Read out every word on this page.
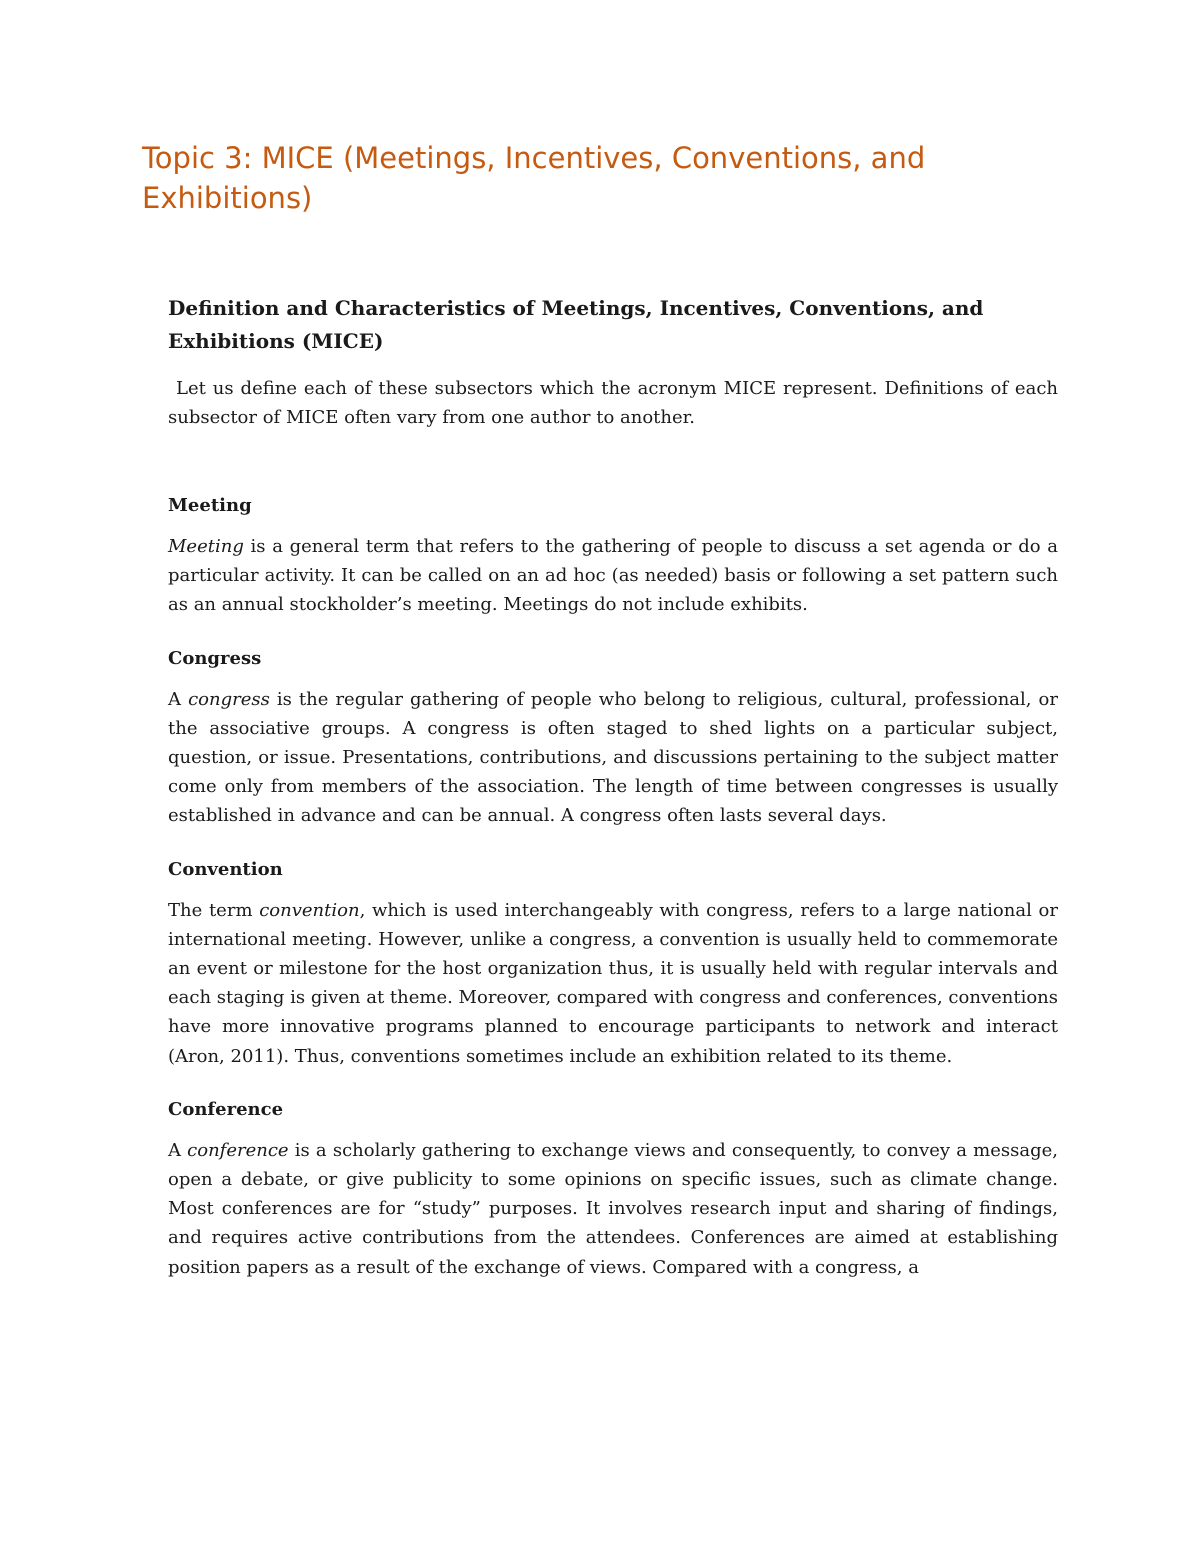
Topic 3: MICE (Meetings, Incentives, Conventions, and Exhibitions)
Definition and Characteristics of Meetings, Incentives, Conventions, and Exhibitions (MICE)

Let us define each of these subsectors which the acronym MICE represent. Definitions of each subsector of MICE often vary from one author to another.

Meeting

Meeting is a general term that refers to the gathering of people to discuss a set agenda or do a particular activity. It can be called on an ad hoc (as needed) basis or following a set pattern such as an annual stockholder’s meeting. Meetings do not include exhibits.

Congress

A congress is the regular gathering of people who belong to religious, cultural, professional, or the associative groups. A congress is often staged to shed lights on a particular subject, question, or issue. Presentations, contributions, and discussions pertaining to the subject matter come only from members of the association. The length of time between congresses is usually established in advance and can be annual. A congress often lasts several days.

Convention

The term convention, which is used interchangeably with congress, refers to a large national or international meeting. However, unlike a congress, a convention is usually held to commemorate an event or milestone for the host organization thus, it is usually held with regular intervals and each staging is given at theme. Moreover, compared with congress and conferences, conventions have more innovative programs planned to encourage participants to network and interact (Aron, 2011). Thus, conventions sometimes include an exhibition related to its theme.

Conference

A conference is a scholarly gathering to exchange views and consequently, to convey a message, open a debate, or give publicity to some opinions on specific issues, such as climate change. Most conferences are for “study” purposes. It involves research input and sharing of findings, and requires active contributions from the attendees. Conferences are aimed at establishing position papers as a result of the exchange of views. Compared with a congress, a
